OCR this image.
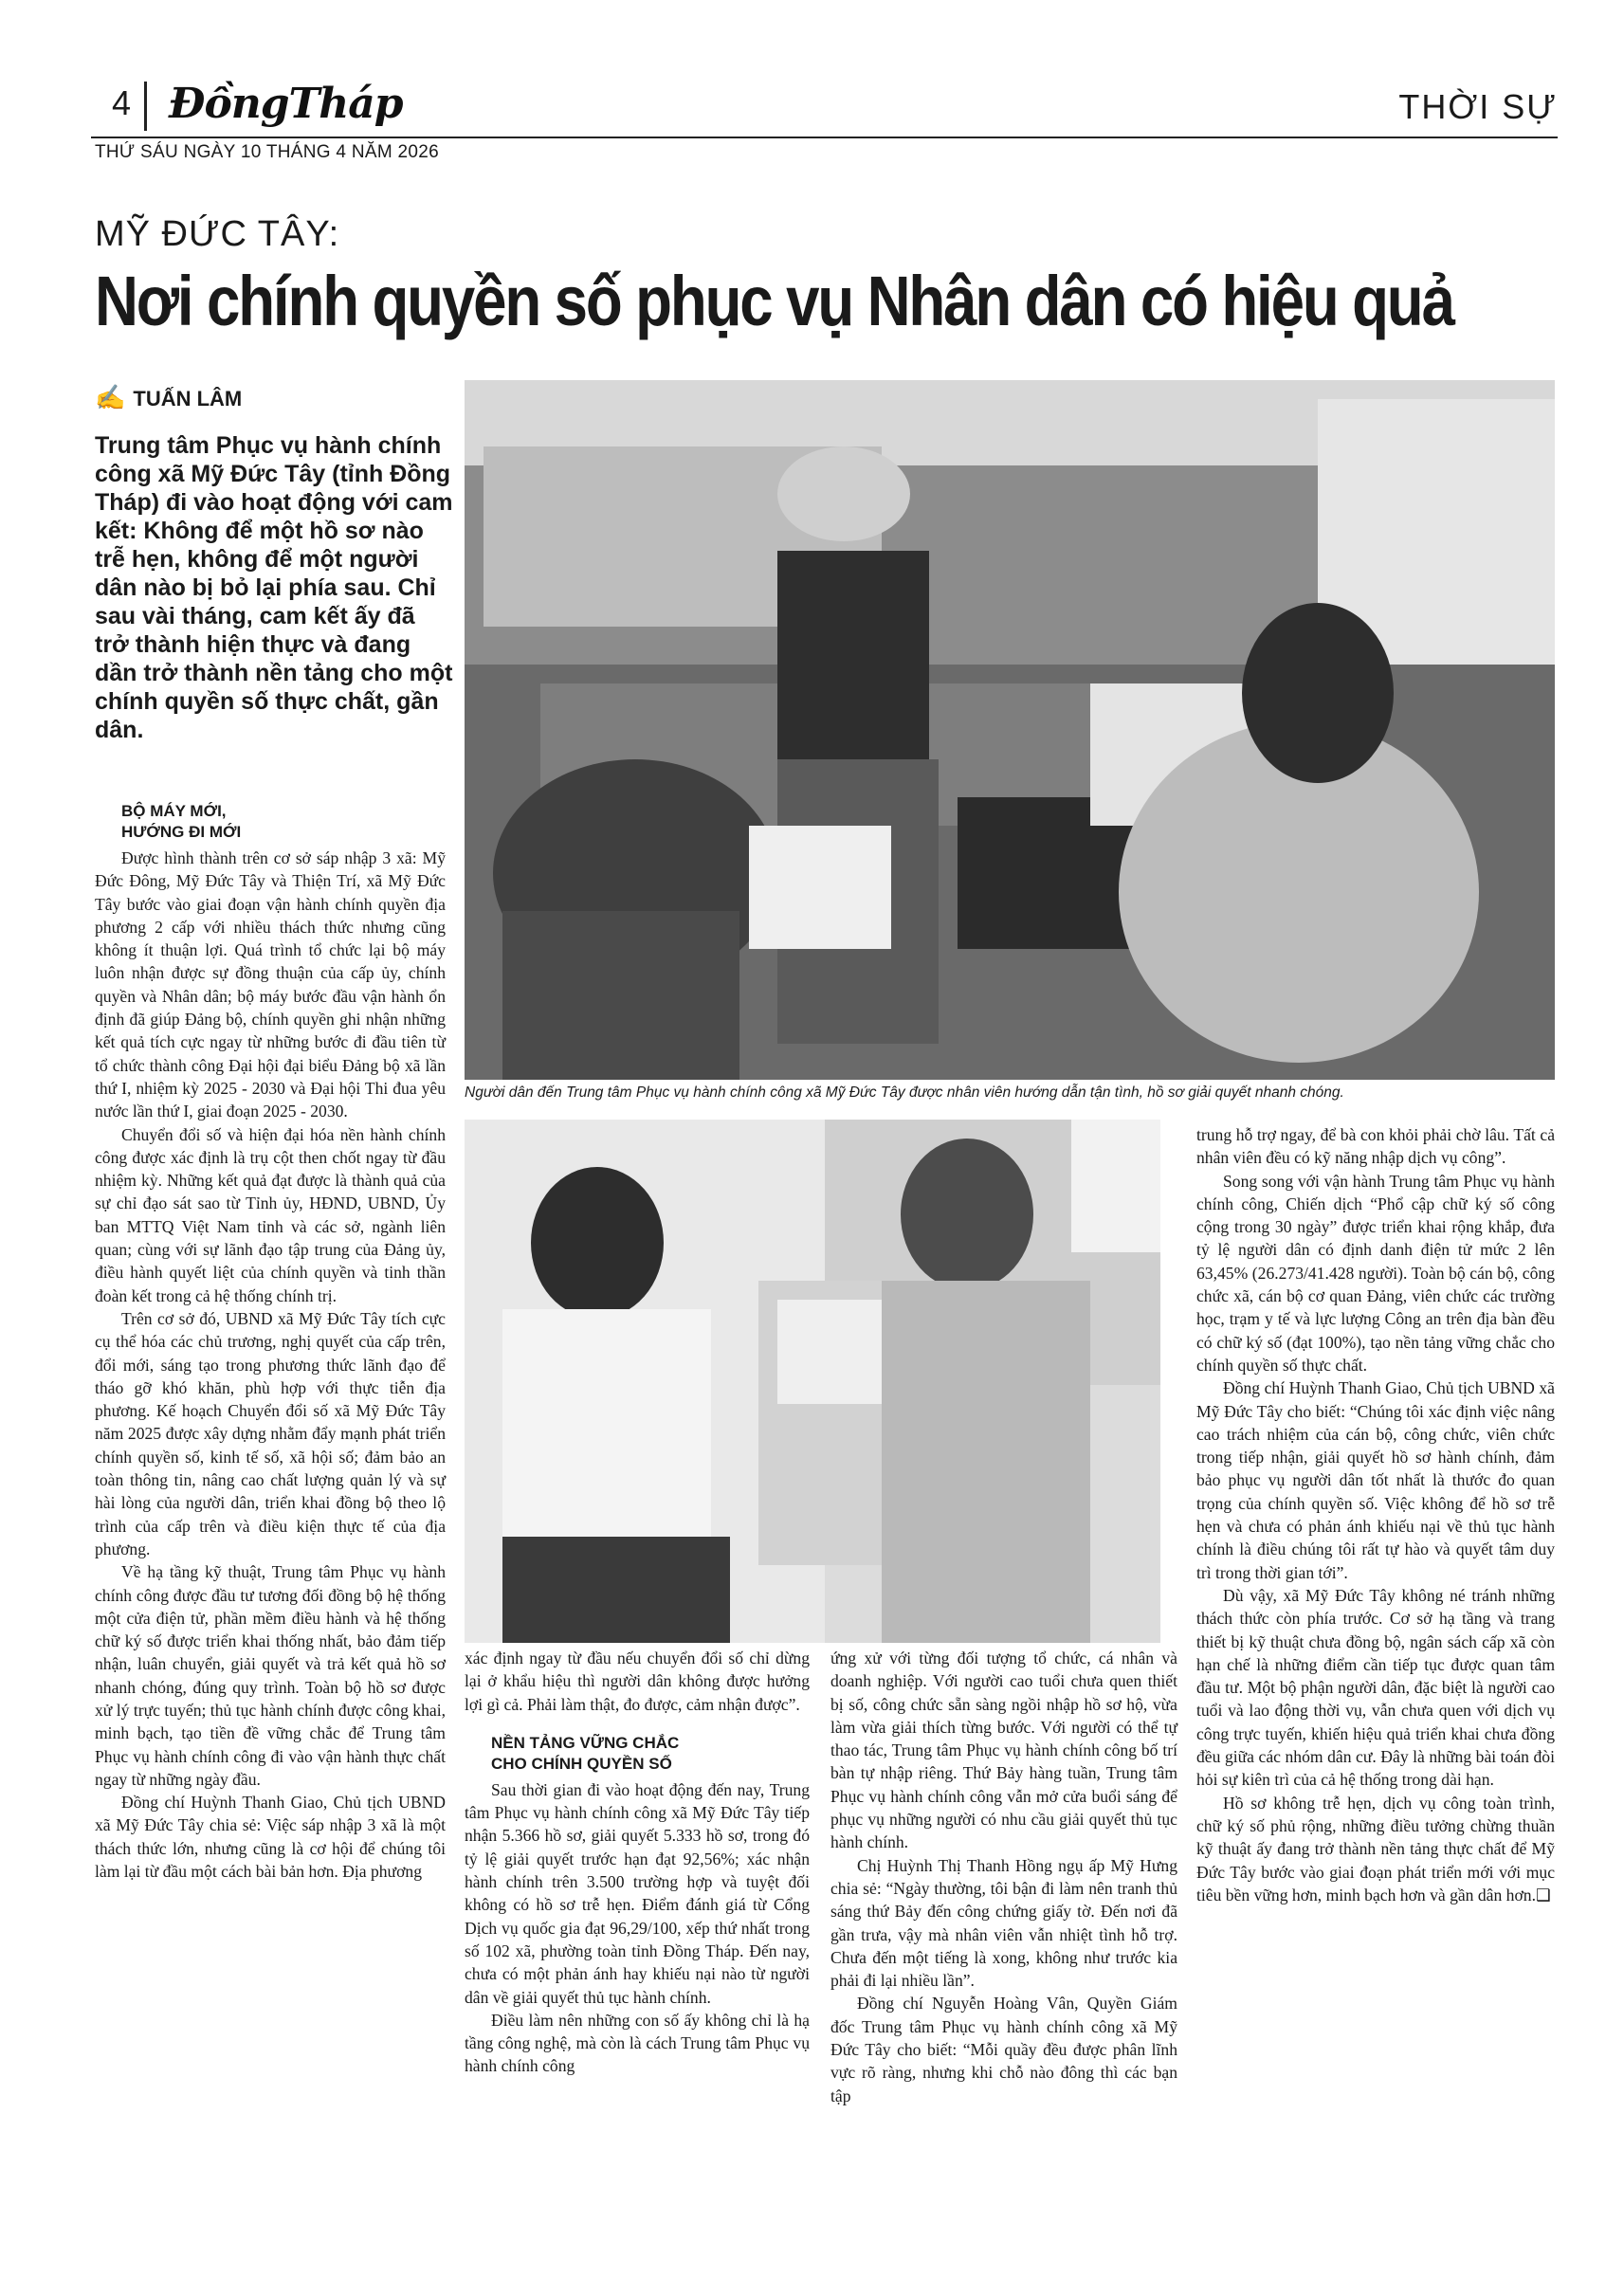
4 ĐồngTháp	THỜI SỰ
THỨ SÁU NGÀY 10 THÁNG 4 NĂM 2026
MỸ ĐỨC TÂY:
Nơi chính quyền số phục vụ Nhân dân có hiệu quả
✍ TUẤN LÂM
Trung tâm Phục vụ hành chính công xã Mỹ Đức Tây (tỉnh Đồng Tháp) đi vào hoạt động với cam kết: Không để một hồ sơ nào trễ hẹn, không để một người dân nào bị bỏ lại phía sau. Chỉ sau vài tháng, cam kết ấy đã trở thành hiện thực và đang dần trở thành nền tảng cho một chính quyền số thực chất, gần dân.
Người dân đến Trung tâm Phục vụ hành chính công xã Mỹ Đức Tây được nhân viên hướng dẫn tận tình, hồ sơ giải quyết nhanh chóng.
BỘ MÁY MỚI,
HƯỚNG ĐI MỚI

Được hình thành trên cơ sở sáp nhập 3 xã: Mỹ Đức Đông, Mỹ Đức Tây và Thiện Trí, xã Mỹ Đức Tây bước vào giai đoạn vận hành chính quyền địa phương 2 cấp với nhiều thách thức nhưng cũng không ít thuận lợi. Quá trình tổ chức lại bộ máy luôn nhận được sự đồng thuận của cấp ủy, chính quyền và Nhân dân; bộ máy bước đầu vận hành ổn định đã giúp Đảng bộ, chính quyền ghi nhận những kết quả tích cực ngay từ những bước đi đầu tiên từ tổ chức thành công Đại hội đại biểu Đảng bộ xã lần thứ I, nhiệm kỳ 2025 - 2030 và Đại hội Thi đua yêu nước lần thứ I, giai đoạn 2025 - 2030.

Chuyển đổi số và hiện đại hóa nền hành chính công được xác định là trụ cột then chốt ngay từ đầu nhiệm kỳ. Những kết quả đạt được là thành quả của sự chỉ đạo sát sao từ Tỉnh ủy, HĐND, UBND, Ủy ban MTTQ Việt Nam tỉnh và các sở, ngành liên quan; cùng với sự lãnh đạo tập trung của Đảng ủy, điều hành quyết liệt của chính quyền và tinh thần đoàn kết trong cả hệ thống chính trị.

Trên cơ sở đó, UBND xã Mỹ Đức Tây tích cực cụ thể hóa các chủ trương, nghị quyết của cấp trên, đổi mới, sáng tạo trong phương thức lãnh đạo để tháo gỡ khó khăn, phù hợp với thực tiễn địa phương. Kế hoạch Chuyển đổi số xã Mỹ Đức Tây năm 2025 được xây dựng nhằm đẩy mạnh phát triển chính quyền số, kinh tế số, xã hội số; đảm bảo an toàn thông tin, nâng cao chất lượng quản lý và sự hài lòng của người dân, triển khai đồng bộ theo lộ trình của cấp trên và điều kiện thực tế của địa phương.

Về hạ tầng kỹ thuật, Trung tâm Phục vụ hành chính công được đầu tư tương đối đồng bộ hệ thống một cửa điện tử, phần mềm điều hành và hệ thống chữ ký số được triển khai thống nhất, bảo đảm tiếp nhận, luân chuyển, giải quyết và trả kết quả hồ sơ nhanh chóng, đúng quy trình. Toàn bộ hồ sơ được xử lý trực tuyến; thủ tục hành chính được công khai, minh bạch, tạo tiền đề vững chắc để Trung tâm Phục vụ hành chính công đi vào vận hành thực chất ngay từ những ngày đầu.

Đồng chí Huỳnh Thanh Giao, Chủ tịch UBND xã Mỹ Đức Tây chia sẻ: Việc sáp nhập 3 xã là một thách thức lớn, nhưng cũng là cơ hội để chúng tôi làm lại từ đầu một cách bài bản hơn. Địa phương

xác định ngay từ đầu nếu chuyển đổi số chỉ dừng lại ở khẩu hiệu thì người dân không được hưởng lợi gì cả. Phải làm thật, đo được, cảm nhận được”.

NỀN TẢNG VỮNG CHẮC
CHO CHÍNH QUYỀN SỐ

Sau thời gian đi vào hoạt động đến nay, Trung tâm Phục vụ hành chính công xã Mỹ Đức Tây tiếp nhận 5.366 hồ sơ, giải quyết 5.333 hồ sơ, trong đó tỷ lệ giải quyết trước hạn đạt 92,56%; xác nhận hành chính trên 3.500 trường hợp và tuyệt đối không có hồ sơ trễ hẹn. Điểm đánh giá từ Cổng Dịch vụ quốc gia đạt 96,29/100, xếp thứ nhất trong số 102 xã, phường toàn tỉnh Đồng Tháp. Đến nay, chưa có một phản ánh hay khiếu nại nào từ người dân về giải quyết thủ tục hành chính.

Điều làm nên những con số ấy không chỉ là hạ tầng công nghệ, mà còn là cách Trung tâm Phục vụ hành chính công

ứng xử với từng đối tượng tổ chức, cá nhân và doanh nghiệp. Với người cao tuổi chưa quen thiết bị số, công chức sẵn sàng ngồi nhập hồ sơ hộ, vừa làm vừa giải thích từng bước. Với người có thể tự thao tác, Trung tâm Phục vụ hành chính công bố trí bàn tự nhập riêng. Thứ Bảy hàng tuần, Trung tâm Phục vụ hành chính công vẫn mở cửa buổi sáng để phục vụ những người có nhu cầu giải quyết thủ tục hành chính.

Chị Huỳnh Thị Thanh Hồng ngụ ấp Mỹ Hưng chia sẻ: “Ngày thường, tôi bận đi làm nên tranh thủ sáng thứ Bảy đến công chứng giấy tờ. Đến nơi đã gần trưa, vậy mà nhân viên vẫn nhiệt tình hỗ trợ. Chưa đến một tiếng là xong, không như trước kia phải đi lại nhiều lần”.

Đồng chí Nguyễn Hoàng Vân, Quyền Giám đốc Trung tâm Phục vụ hành chính công xã Mỹ Đức Tây cho biết: “Mỗi quầy đều được phân lĩnh vực rõ ràng, nhưng khi chỗ nào đông thì các bạn tập

trung hỗ trợ ngay, để bà con khỏi phải chờ lâu. Tất cả nhân viên đều có kỹ năng nhập dịch vụ công”.

Song song với vận hành Trung tâm Phục vụ hành chính công, Chiến dịch “Phổ cập chữ ký số công cộng trong 30 ngày” được triển khai rộng khắp, đưa tỷ lệ người dân có định danh điện tử mức 2 lên 63,45% (26.273/41.428 người). Toàn bộ cán bộ, công chức xã, cán bộ cơ quan Đảng, viên chức các trường học, trạm y tế và lực lượng Công an trên địa bàn đều có chữ ký số (đạt 100%), tạo nền tảng vững chắc cho chính quyền số thực chất.

Đồng chí Huỳnh Thanh Giao, Chủ tịch UBND xã Mỹ Đức Tây cho biết: “Chúng tôi xác định việc nâng cao trách nhiệm của cán bộ, công chức, viên chức trong tiếp nhận, giải quyết hồ sơ hành chính, đảm bảo phục vụ người dân tốt nhất là thước đo quan trọng của chính quyền số. Việc không để hồ sơ trễ hẹn và chưa có phản ánh khiếu nại về thủ tục hành chính là điều chúng tôi rất tự hào và quyết tâm duy trì trong thời gian tới”.

Dù vậy, xã Mỹ Đức Tây không né tránh những thách thức còn phía trước. Cơ sở hạ tầng và trang thiết bị kỹ thuật chưa đồng bộ, ngân sách cấp xã còn hạn chế là những điểm cần tiếp tục được quan tâm đầu tư. Một bộ phận người dân, đặc biệt là người cao tuổi và lao động thời vụ, vẫn chưa quen với dịch vụ công trực tuyến, khiến hiệu quả triển khai chưa đồng đều giữa các nhóm dân cư. Đây là những bài toán đòi hỏi sự kiên trì của cả hệ thống trong dài hạn.

Hồ sơ không trễ hẹn, dịch vụ công toàn trình, chữ ký số phủ rộng, những điều tưởng chừng thuần kỹ thuật ấy đang trở thành nền tảng thực chất để Mỹ Đức Tây bước vào giai đoạn phát triển mới với mục tiêu bền vững hơn, minh bạch hơn và gần dân hơn.❑
